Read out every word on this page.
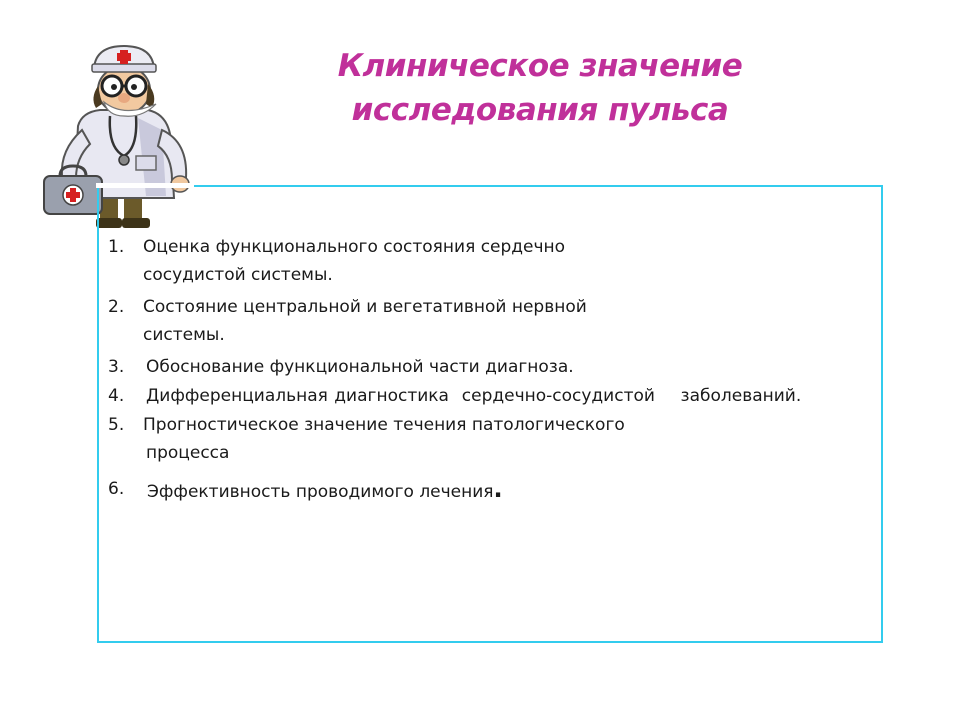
Клиническое значение
исследования пульса
1.	Оценка функционального состояния сердечно
сосудистой системы.
2.	Состояние центральной и вегетативной нервной
системы.
3.	Обоснование функциональной части диагноза.
4.	Дифференциальная диагностика  сердечно-сосудистой    заболеваний.
5.	Прогностическое значение течения патологического
процесса
6.	Эффективность проводимого лечения.
